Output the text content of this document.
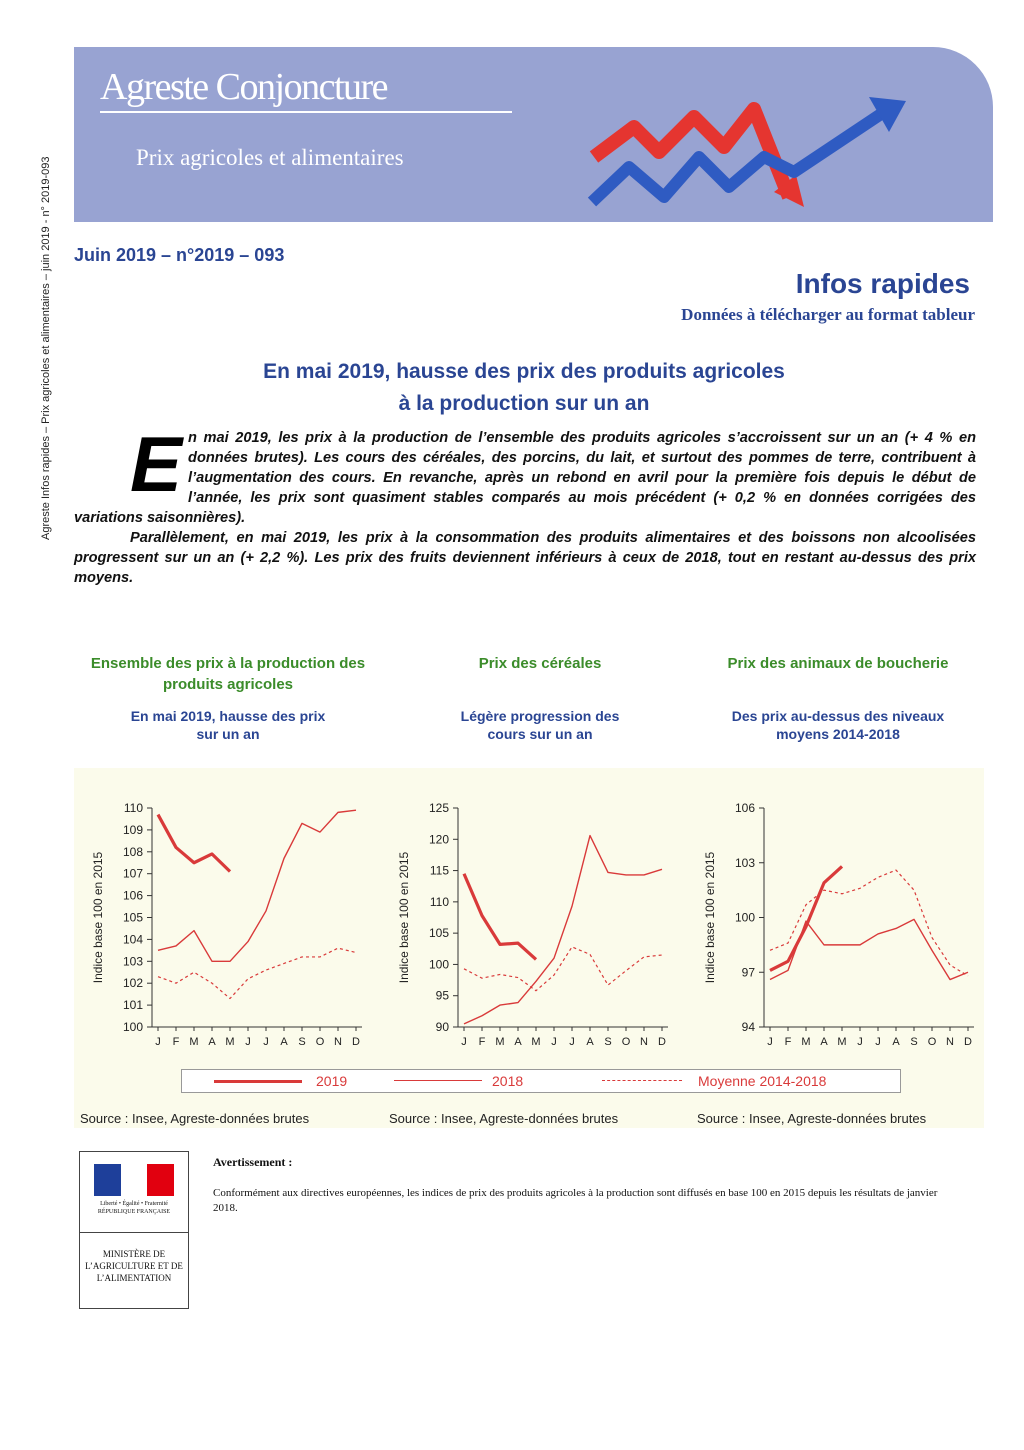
Agreste Infos rapides – Prix agricoles et alimentaires – juin 2019 - n° 2019-093
Agreste Conjoncture
Prix agricoles et alimentaires
Juin 2019 – n°2019 – 093
Infos rapides
Données à télécharger au format tableur
En mai 2019, hausse des prix des produits agricoles
à la production sur un an
E n mai 2019, les prix à la production de l’ensemble des produits agricoles s’accroissent sur un an (+ 4 % en données brutes). Les cours des céréales, des porcins, du lait, et surtout des pommes de terre, contribuent à l’augmentation des cours. En revanche, après un rebond en avril pour la première fois depuis le début de l’année, les prix sont quasiment stables comparés au mois précédent (+ 0,2 % en données corrigées des variations saisonnières).

Parallèlement, en mai 2019, les prix à la consommation des produits alimentaires et des boissons non alcoolisées progressent sur un an (+ 2,2 %). Les prix des fruits deviennent inférieurs à ceux de 2018, tout en restant au-dessus des prix moyens.

Ensemble des prix à la production des produits agricoles
En mai 2019, hausse des prix sur un an
Prix des céréales
Légère progression des cours sur un an
Prix des animaux de boucherie
Des prix au-dessus des niveaux moyens 2014-2018
100
101
102
103
104
105
106
107
108
109
110
J F M A M J J A S O N D
Indice base 100 en 2015
90
95
100
105
110
115
120
125
J F M A M J J A S O N D
Indice base 100 en 2015
94
97
100
103
106
J F M A M J J A S O N D
Indice base 100 en 2015
2019	2018	Moyenne 2014-2018
Source : Insee, Agreste-données brutes	Source : Insee, Agreste-données brutes	Source : Insee, Agreste-données brutes
Liberté • Égalité • Fraternité RÉPUBLIQUE FRANÇAISE
MINISTÈRE DE L’AGRICULTURE ET DE L’ALIMENTATION
Avertissement :
Conformément aux directives européennes, les indices de prix des produits agricoles à la production sont diffusés en base 100 en 2015 depuis les résultats de janvier 2018.
